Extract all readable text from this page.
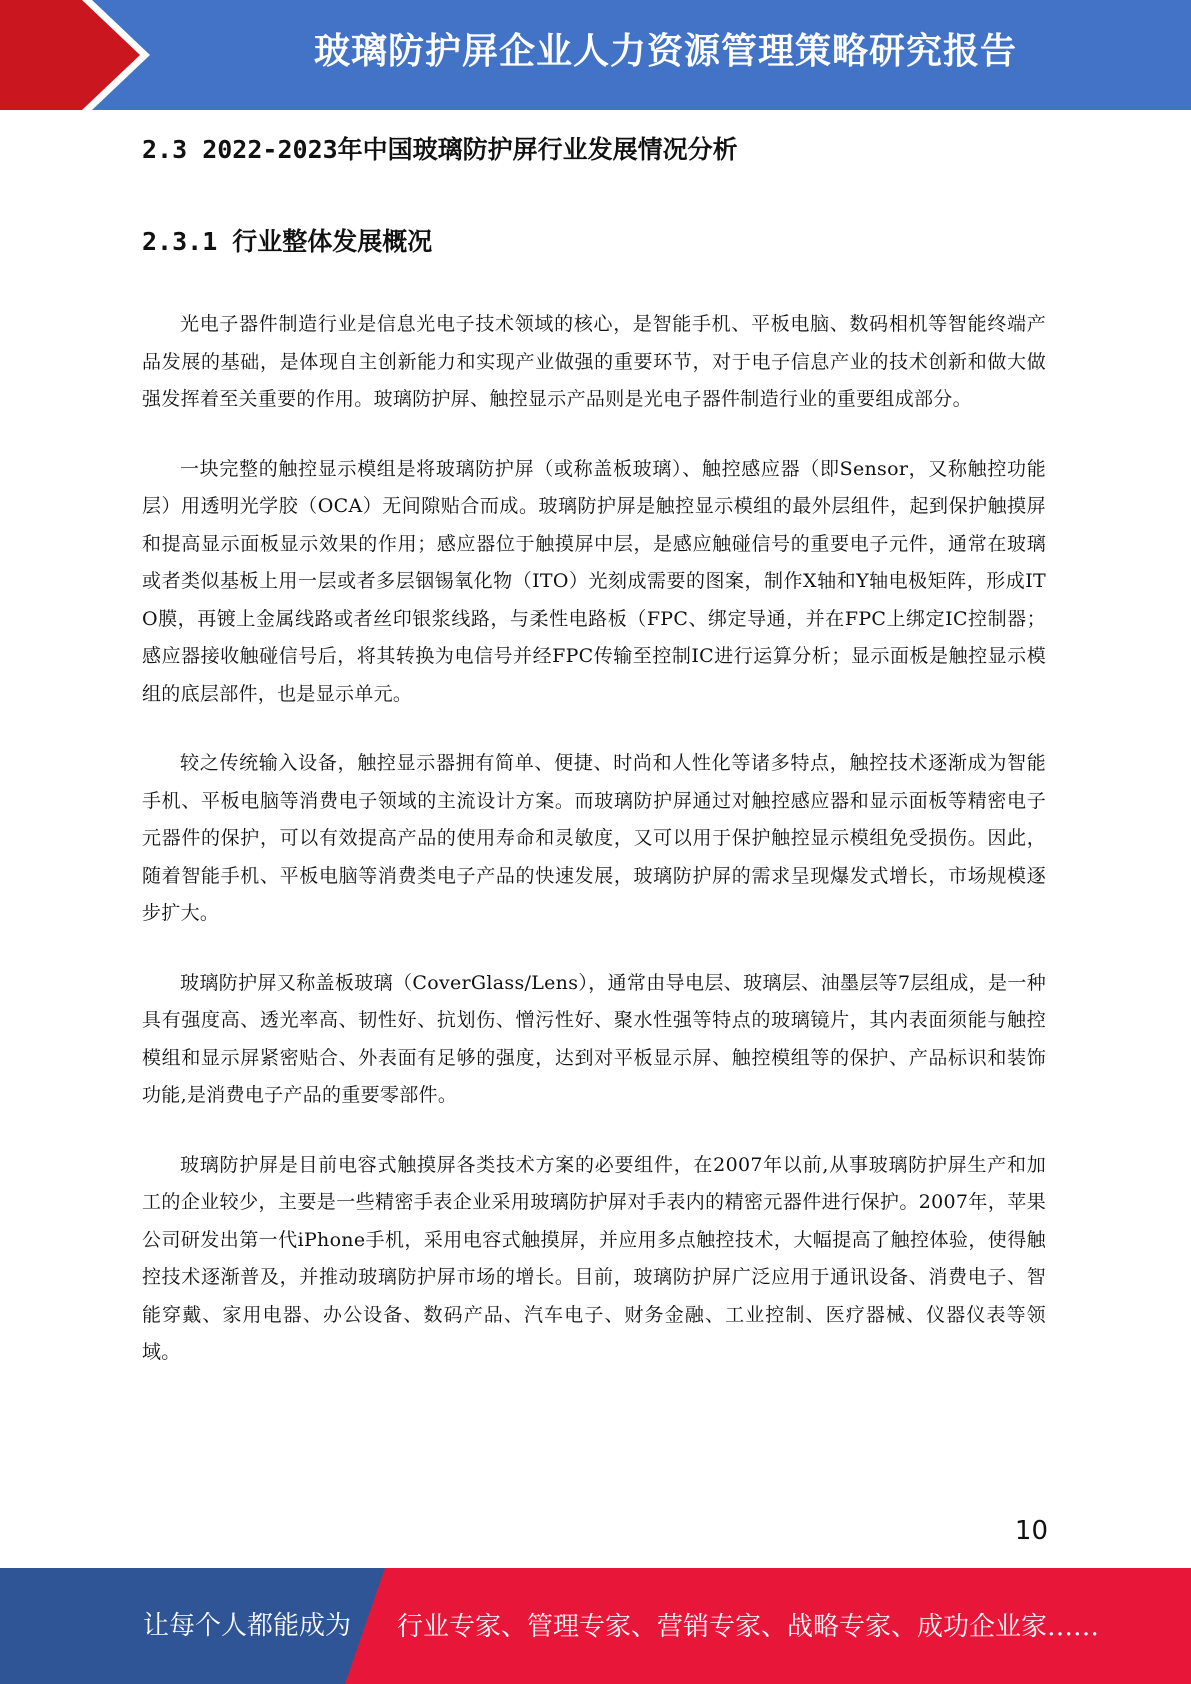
玻璃防护屏企业人力资源管理策略研究报告
2.3 2022-2023年中国玻璃防护屏行业发展情况分析
2.3.1 行业整体发展概况

光电子器件制造行业是信息光电子技术领域的核心，是智能手机、平板电脑、数码相机等智能终端产品发展的基础，是体现自主创新能力和实现产业做强的重要环节，对于电子信息产业的技术创新和做大做强发挥着至关重要的作用。玻璃防护屏、触控显示产品则是光电子器件制造行业的重要组成部分。

一块完整的触控显示模组是将玻璃防护屏（或称盖板玻璃）、触控感应器（即Sensor，又称触控功能层）用透明光学胶（OCA）无间隙贴合而成。玻璃防护屏是触控显示模组的最外层组件，起到保护触摸屏和提高显示面板显示效果的作用；感应器位于触摸屏中层，是感应触碰信号的重要电子元件，通常在玻璃或者类似基板上用一层或者多层铟锡氧化物（ITO）光刻成需要的图案，制作X轴和Y轴电极矩阵，形成ITO膜，再镀上金属线路或者丝印银浆线路，与柔性电路板（FPC、绑定导通，并在FPC上绑定IC控制器；感应器接收触碰信号后，将其转换为电信号并经FPC传输至控制IC进行运算分析；显示面板是触控显示模组的底层部件，也是显示单元。

较之传统输入设备，触控显示器拥有简单、便捷、时尚和人性化等诸多特点，触控技术逐渐成为智能手机、平板电脑等消费电子领域的主流设计方案。而玻璃防护屏通过对触控感应器和显示面板等精密电子元器件的保护，可以有效提高产品的使用寿命和灵敏度，又可以用于保护触控显示模组免受损伤。因此，随着智能手机、平板电脑等消费类电子产品的快速发展，玻璃防护屏的需求呈现爆发式增长，市场规模逐步扩大。

玻璃防护屏又称盖板玻璃（CoverGlass/Lens），通常由导电层、玻璃层、油墨层等7层组成，是一种具有强度高、透光率高、韧性好、抗划伤、憎污性好、聚水性强等特点的玻璃镜片，其内表面须能与触控模组和显示屏紧密贴合、外表面有足够的强度，达到对平板显示屏、触控模组等的保护、产品标识和装饰功能,是消费电子产品的重要零部件。

玻璃防护屏是目前电容式触摸屏各类技术方案的必要组件，在2007年以前,从事玻璃防护屏生产和加工的企业较少，主要是一些精密手表企业采用玻璃防护屏对手表内的精密元器件进行保护。2007年，苹果公司研发出第一代iPhone手机，采用电容式触摸屏，并应用多点触控技术，大幅提高了触控体验，使得触控技术逐渐普及，并推动玻璃防护屏市场的增长。目前，玻璃防护屏广泛应用于通讯设备、消费电子、智能穿戴、家用电器、办公设备、数码产品、汽车电子、财务金融、工业控制、医疗器械、仪器仪表等领域。

10
让每个人都能成为 行业专家、管理专家、营销专家、战略专家、成功企业家……
